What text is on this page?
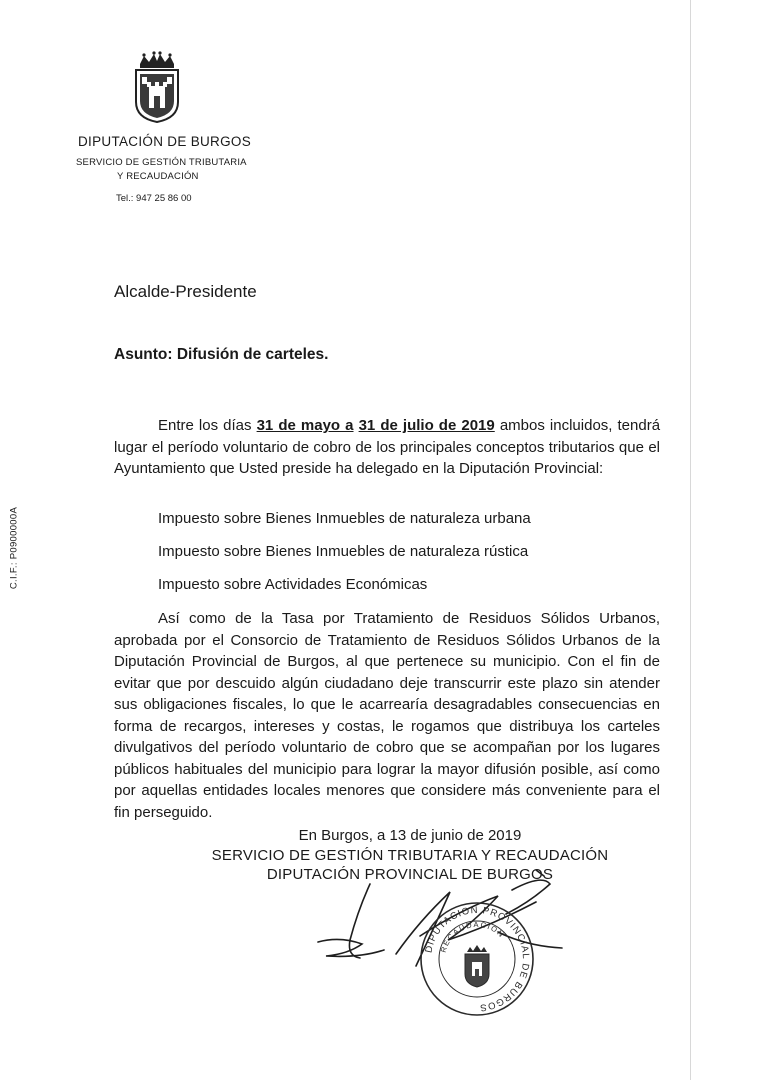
DIPUTACIÓN DE BURGOS
SERVICIO DE GESTIÓN TRIBUTARIA
Y RECAUDACIÓN
Tel.: 947 25 86 00
C.I.F.: P0900000A
Alcalde-Presidente
Asunto: Difusión de carteles.
Entre los días 31 de mayo a 31 de julio de 2019 ambos incluidos, tendrá lugar el período voluntario de cobro de los principales conceptos tributarios que el Ayuntamiento que Usted preside ha delegado en la Diputación Provincial:
Impuesto sobre Bienes Inmuebles de naturaleza urbana
Impuesto sobre Bienes Inmuebles de naturaleza rústica
Impuesto sobre Actividades Económicas
Así como de la Tasa por Tratamiento de Residuos Sólidos Urbanos, aprobada por el Consorcio de Tratamiento de Residuos Sólidos Urbanos de la Diputación Provincial de Burgos, al que pertenece su municipio. Con el fin de evitar que por descuido algún ciudadano deje transcurrir este plazo sin atender sus obligaciones fiscales, lo que le acarrearía desagradables consecuencias en forma de recargos, intereses y costas, le rogamos que distribuya los carteles divulgativos del período voluntario de cobro que se acompañan por los lugares públicos habituales del municipio para lograr la mayor difusión posible, así como por aquellas entidades locales menores que considere más conveniente para el fin perseguido.
En Burgos, a 13 de junio de 2019
SERVICIO DE GESTIÓN TRIBUTARIA Y RECAUDACIÓN
DIPUTACIÓN PROVINCIAL DE BURGOS
DIPUTACION PROVINCIAL DE BURGOS
RECAUDACION
